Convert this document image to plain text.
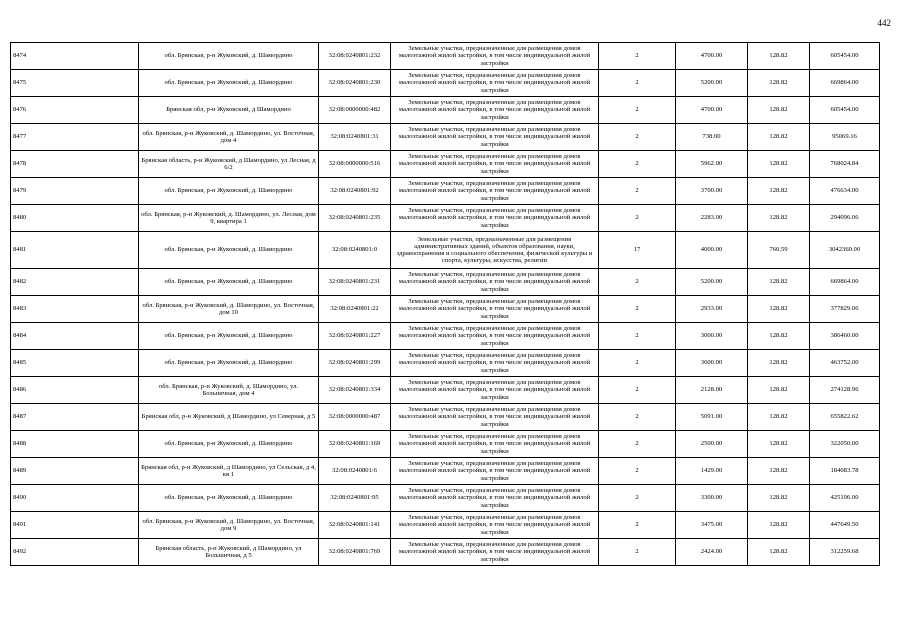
442
8474	обл. Брянская, р-н Жуковский, д. Шамордино	32:08:0240801:232	Земельные участки, предназначенные для размещения домов малоэтажной жилой застройки, в том числе индивидуальной жилой застройки	2	4700.00	128.82	605454.00
8475	обл. Брянская, р-н Жуковский, д. Шамордино	32:08:0240801:230	Земельные участки, предназначенные для размещения домов малоэтажной жилой застройки, в том числе индивидуальной жилой застройки	2	5200.00	128.82	669864.00
8476	Брянская обл, р-н Жуковский, д Шамордино	32:08:0000000:482	Земельные участки, предназначенные для размещения домов малоэтажной жилой застройки, в том числе индивидуальной жилой застройки	2	4700.00	128.82	605454.00
8477	обл. Брянская, р-н Жуковский, д. Шамордино, ул. Восточная, дом 4	32:08:0240801:31	Земельные участки, предназначенные для размещения домов малоэтажной жилой застройки, в том числе индивидуальной жилой застройки	2	738.00	128.82	95069.16
8478	Брянская область, р-н Жуковский, д Шамордино, ул Лесная, д 6/2	32:08:0000000:516	Земельные участки, предназначенные для размещения домов малоэтажной жилой застройки, в том числе индивидуальной жилой застройки	2	5962.00	128.82	768024.84
8479	обл. Брянская, р-н Жуковский, д. Шамордино	32:08:0240801:92	Земельные участки, предназначенные для размещения домов малоэтажной жилой застройки, в том числе индивидуальной жилой застройки	2	3700.00	128.82	476634.00
8480	обл. Брянская, р-н Жуковский, д. Шамордино, ул. Лесная, дом 9, квартира 1	32:08:0240801:235	Земельные участки, предназначенные для размещения домов малоэтажной жилой застройки, в том числе индивидуальной жилой застройки	2	2283.00	128.82	294096.06
8481	обл. Брянская, р-н Жуковский, д. Шамордино	32:08:0240801:0	Земельные участки, предназначенные для размещения административных зданий, объектов образования, науки, здравоохранения и социального обеспечения, физической культуры и спорта, культуры, искусства, религии	17	4000.00	760.59	3042360.00
8482	обл. Брянская, р-н Жуковский, д. Шамордино	32:08:0240801:231	Земельные участки, предназначенные для размещения домов малоэтажной жилой застройки, в том числе индивидуальной жилой застройки	2	5200.00	128.82	669864.00
8483	обл. Брянская, р-н Жуковский, д. Шамордино, ул. Восточная, дом 10	32:08:0240801:22	Земельные участки, предназначенные для размещения домов малоэтажной жилой застройки, в том числе индивидуальной жилой застройки	2	2933.00	128.82	377829.06
8484	обл. Брянская, р-н Жуковский, д. Шамордино	32:08:0240801:227	Земельные участки, предназначенные для размещения домов малоэтажной жилой застройки, в том числе индивидуальной жилой застройки	2	3000.00	128.82	386460.00
8485	обл. Брянская, р-н Жуковский, д. Шамордино	32:08:0240801:299	Земельные участки, предназначенные для размещения домов малоэтажной жилой застройки, в том числе индивидуальной жилой застройки	2	3600.00	128.82	463752.00
8486	обл. Брянская, р-н Жуковский, д. Шамордино, ул. Больничная, дом 4	32:08:0240801:334	Земельные участки, предназначенные для размещения домов малоэтажной жилой застройки, в том числе индивидуальной жилой застройки	2	2128.00	128.82	274128.96
8487	Брянская обл, р-н Жуковский, д Шамордино, ул Северная, д 5	32:08:0000000:487	Земельные участки, предназначенные для размещения домов малоэтажной жилой застройки, в том числе индивидуальной жилой застройки	2	5091.00	128.82	655822.62
8488	обл. Брянская, р-н Жуковский, д. Шамордино	32:08:0240801:169	Земельные участки, предназначенные для размещения домов малоэтажной жилой застройки, в том числе индивидуальной жилой застройки	2	2500.00	128.82	322050.00
8489	Брянская обл, р-н Жуковский, д Шамордино, ул Сельская, д 4, кв 1	32:08:0240801:6	Земельные участки, предназначенные для размещения домов малоэтажной жилой застройки, в том числе индивидуальной жилой застройки	2	1429.00	128.82	184083.78
8490	обл. Брянская, р-н Жуковский, д. Шамордино	32:08:0240801:95	Земельные участки, предназначенные для размещения домов малоэтажной жилой застройки, в том числе индивидуальной жилой застройки	2	3300.00	128.82	425106.00
8491	обл. Брянская, р-н Жуковский, д. Шамордино, ул. Восточная, дом 9	32:08:0240801:141	Земельные участки, предназначенные для размещения домов малоэтажной жилой застройки, в том числе индивидуальной жилой застройки	2	3475.00	128.82	447649.50
8492	Брянская область, р-н Жуковский, д Шамордино, ул Большичная, д 5	32:08:0240801:769	Земельные участки, предназначенные для размещения домов малоэтажной жилой застройки, в том числе индивидуальной жилой застройки	2	2424.00	128.82	312259.68
